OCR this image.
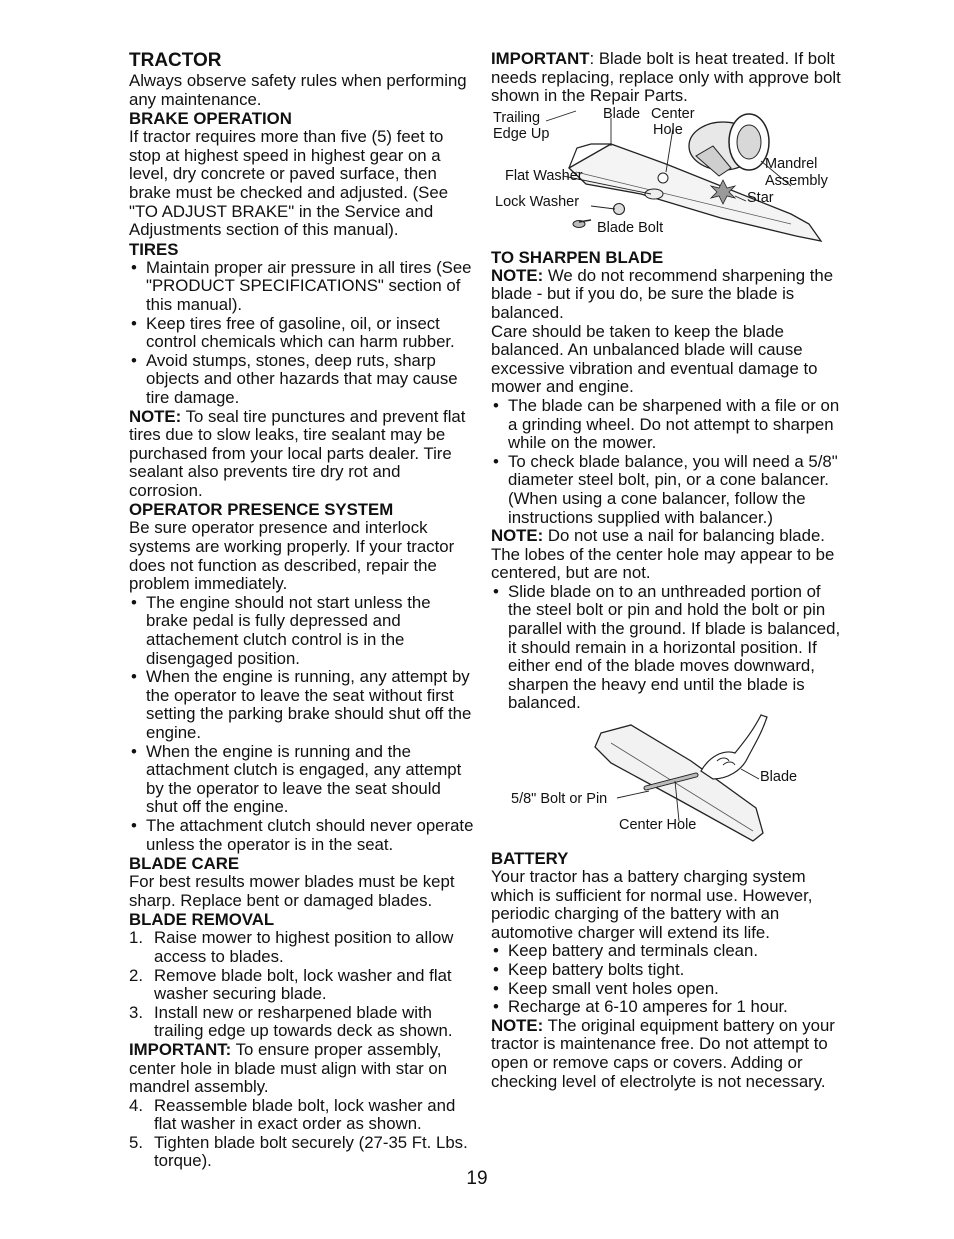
TRACTOR

Always observe safety rules when performing any maintenance.

BRAKE OPERATION

If tractor requires more than five (5) feet to stop at highest speed in highest gear on a level, dry concrete or paved surface, then brake must be checked and adjusted. (See "TO ADJUST BRAKE" in the Service and Adjustments section of this manual).

TIRES
• Maintain proper air pressure in all tires (See "PRODUCT SPECIFICATIONS" section of this manual).
• Keep tires free of gasoline, oil, or insect control chemicals which can harm rubber.
• Avoid stumps, stones, deep ruts, sharp objects and other hazards that may cause tire damage.

NOTE: To seal tire punctures and prevent flat tires due to slow leaks, tire sealant may be purchased from your local parts dealer. Tire sealant also prevents tire dry rot and corrosion.

OPERATOR PRESENCE SYSTEM

Be sure operator presence and interlock systems are working properly. If your tractor does not function as described, repair the problem immediately.

• The engine should not start unless the brake pedal is fully depressed and attachement clutch control is in the disengaged position.
• When the engine is running, any attempt by the operator to leave the seat without first setting the parking brake should shut off the engine.
• When the engine is running and the attachment clutch is engaged, any attempt by the operator to leave the seat should shut off the engine.
• The attachment clutch should never operate unless the operator is in the seat.
BLADE CARE

For best results mower blades must be kept sharp. Replace bent or damaged blades.

BLADE REMOVAL
1. Raise mower to highest position to allow access to blades.
2. Remove blade bolt, lock washer and flat washer securing blade.
3. Install new or resharpened blade with trailing edge up towards deck as shown.

IMPORTANT: To ensure proper assembly, center hole in blade must align with star on mandrel assembly.

4. Reassemble blade bolt, lock washer and flat washer in exact order as shown.
5. Tighten blade bolt securely (27-35 Ft. Lbs. torque).

IMPORTANT: Blade bolt is heat treated. If bolt needs replacing, replace only with approve bolt shown in the Repair Parts.

Trailing
Edge Up
Blade Center
Hole
Mandrel
Assembly
Flat Washer
Lock Washer	Star
Blade Bolt
TO SHARPEN BLADE

NOTE: We do not recommend sharpening the blade - but if you do, be sure the blade is balanced.

Care should be taken to keep the blade balanced. An unbalanced blade will cause excessive vibration and eventual damage to mower and engine.

• The blade can be sharpened with a file or on a grinding wheel. Do not attempt to sharpen while on the mower.
• To check blade balance, you will need a 5/8" diameter steel bolt, pin, or a cone balancer. (When using a cone balancer, follow the instructions supplied with balancer.)

NOTE: Do not use a nail for balancing blade. The lobes of the center hole may appear to be centered, but are not.

• Slide blade on to an unthreaded portion of the steel bolt or pin and hold the bolt or pin parallel with the ground. If blade is balanced, it should remain in a horizontal position. If either end of the blade moves downward, sharpen the heavy end until the blade is balanced.
Blade
5/8" Bolt or Pin
Center Hole
BATTERY

Your tractor has a battery charging system which is sufficient for normal use. However, periodic charging of the battery with an automotive charger will extend its life.

• Keep battery and terminals clean.
• Keep battery bolts tight.
• Keep small vent holes open.
• Recharge at 6-10 amperes for 1 hour.

NOTE: The original equipment battery on your tractor is maintenance free. Do not attempt to open or remove caps or covers. Adding or checking level of electrolyte is not necessary.

19
